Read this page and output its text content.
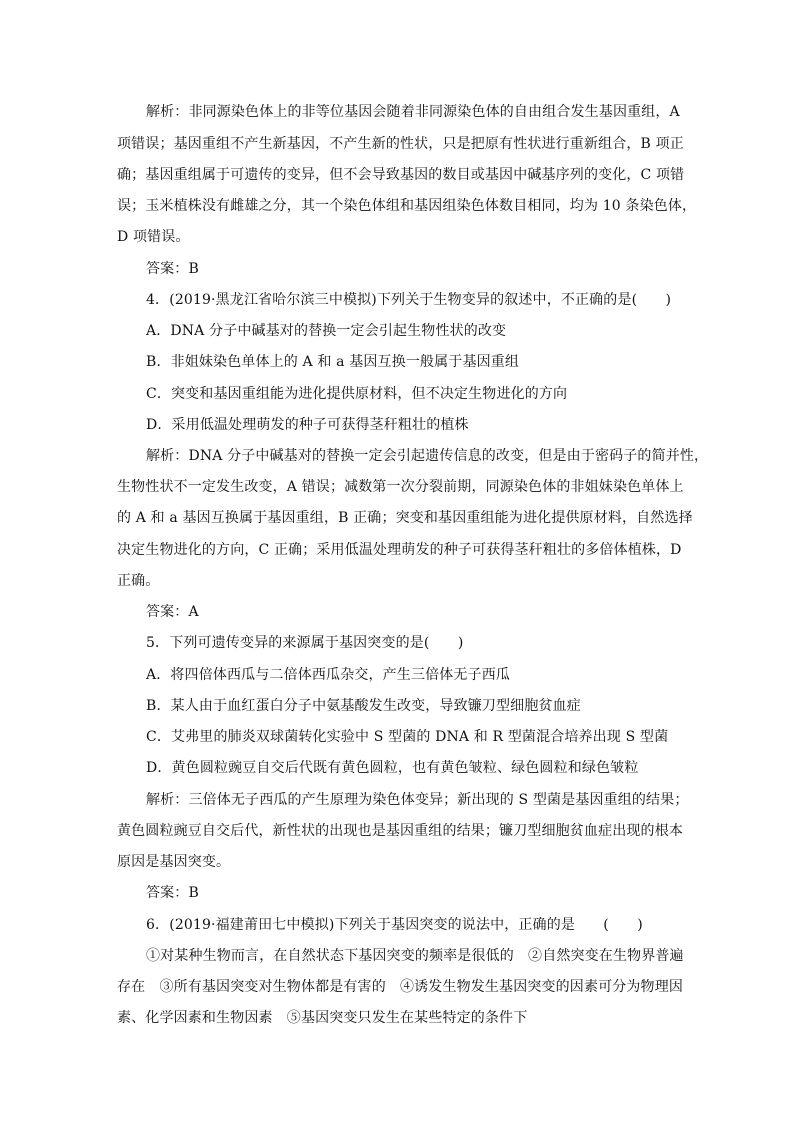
解析：非同源染色体上的非等位基因会随着非同源染色体的自由组合发生基因重组，A
项错误；基因重组不产生新基因，不产生新的性状，只是把原有性状进行重新组合，B 项正
确；基因重组属于可遗传的变异，但不会导致基因的数目或基因中碱基序列的变化，C 项错
误；玉米植株没有雌雄之分，其一个染色体组和基因组染色体数目相同，均为 10 条染色体，
D 项错误。
答案：B
4．(2019·黑龙江省哈尔滨三中模拟)下列关于生物变异的叙述中，不正确的是(　　)
A．DNA 分子中碱基对的替换一定会引起生物性状的改变
B．非姐妹染色单体上的 A 和 a 基因互换一般属于基因重组
C．突变和基因重组能为进化提供原材料，但不决定生物进化的方向
D．采用低温处理萌发的种子可获得茎秆粗壮的植株
解析：DNA 分子中碱基对的替换一定会引起遗传信息的改变，但是由于密码子的简并性，
生物性状不一定发生改变，A 错误；减数第一次分裂前期，同源染色体的非姐妹染色单体上
的 A 和 a 基因互换属于基因重组，B 正确；突变和基因重组能为进化提供原材料，自然选择
决定生物进化的方向，C 正确；采用低温处理萌发的种子可获得茎秆粗壮的多倍体植株，D
正确。
答案：A
5．下列可遗传变异的来源属于基因突变的是(　　)
A．将四倍体西瓜与二倍体西瓜杂交，产生三倍体无子西瓜
B．某人由于血红蛋白分子中氨基酸发生改变，导致镰刀型细胞贫血症
C．艾弗里的肺炎双球菌转化实验中 S 型菌的 DNA 和 R 型菌混合培养出现 S 型菌
D．黄色圆粒豌豆自交后代既有黄色圆粒，也有黄色皱粒、绿色圆粒和绿色皱粒
解析：三倍体无子西瓜的产生原理为染色体变异；新出现的 S 型菌是基因重组的结果；
黄色圆粒豌豆自交后代，新性状的出现也是基因重组的结果；镰刀型细胞贫血症出现的根本
原因是基因突变。
答案：B
6．(2019·福建莆田七中模拟)下列关于基因突变的说法中，正确的是　　(　　)
①对某种生物而言，在自然状态下基因突变的频率是很低的　②自然突变在生物界普遍
存在　③所有基因突变对生物体都是有害的　④诱发生物发生基因突变的因素可分为物理因
素、化学因素和生物因素　⑤基因突变只发生在某些特定的条件下
